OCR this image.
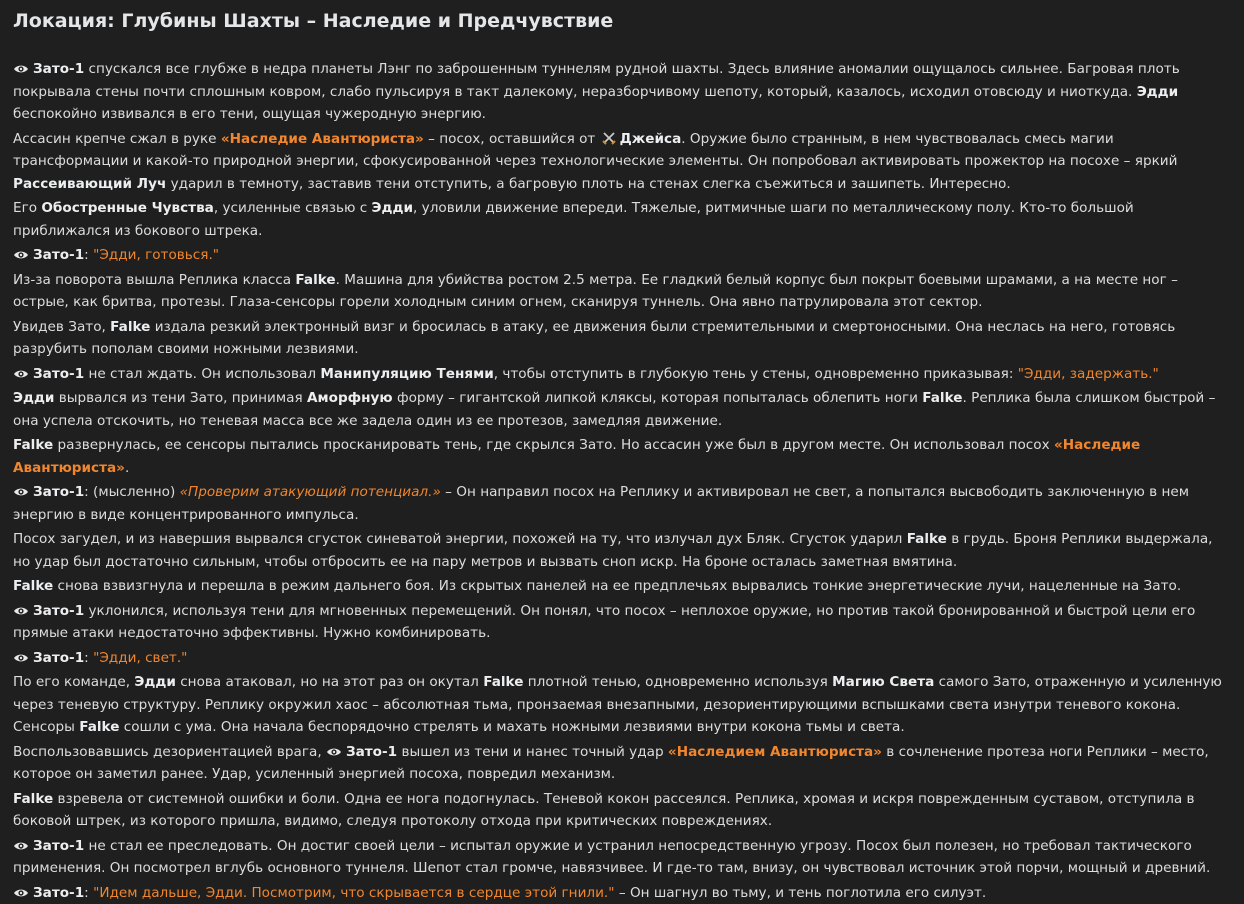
Локация: Глубины Шахты – Наследие и Предчувствие

Зато-1 спускался все глубже в недра планеты Лэнг по заброшенным туннелям рудной шахты. Здесь влияние аномалии ощущалось сильнее. Багровая плоть покрывала стены почти сплошным ковром, слабо пульсируя в такт далекому, неразборчивому шепоту, который, казалось, исходил отовсюду и ниоткуда. Эдди беспокойно извивался в его тени, ощущая чужеродную энергию.

Ассасин крепче сжал в руке «Наследие Авантюриста» – посох, оставшийся от Джейса. Оружие было странным, в нем чувствовалась смесь магии трансформации и какой-то природной энергии, сфокусированной через технологические элементы. Он попробовал активировать прожектор на посохе – яркий Рассеивающий Луч ударил в темноту, заставив тени отступить, а багровую плоть на стенах слегка съежиться и зашипеть. Интересно.

Его Обостренные Чувства, усиленные связью с Эдди, уловили движение впереди. Тяжелые, ритмичные шаги по металлическому полу. Кто-то большой приближался из бокового штрека.

Зато-1: "Эдди, готовься."

Из-за поворота вышла Реплика класса Falke. Машина для убийства ростом 2.5 метра. Ее гладкий белый корпус был покрыт боевыми шрамами, а на месте ног – острые, как бритва, протезы. Глаза-сенсоры горели холодным синим огнем, сканируя туннель. Она явно патрулировала этот сектор.

Увидев Зато, Falke издала резкий электронный визг и бросилась в атаку, ее движения были стремительными и смертоносными. Она неслась на него, готовясь разрубить пополам своими ножными лезвиями.

Зато-1 не стал ждать. Он использовал Манипуляцию Тенями, чтобы отступить в глубокую тень у стены, одновременно приказывая: "Эдди, задержать."

Эдди вырвался из тени Зато, принимая Аморфную форму – гигантской липкой кляксы, которая попыталась облепить ноги Falke. Реплика была слишком быстрой – она успела отскочить, но теневая масса все же задела один из ее протезов, замедляя движение.

Falke развернулась, ее сенсоры пытались просканировать тень, где скрылся Зато. Но ассасин уже был в другом месте. Он использовал посох «Наследие Авантюриста».

Зато-1: (мысленно) «Проверим атакующий потенциал.» – Он направил посох на Реплику и активировал не свет, а попытался высвободить заключенную в нем энергию в виде концентрированного импульса.

Посох загудел, и из навершия вырвался сгусток синеватой энергии, похожей на ту, что излучал дух Бляк. Сгусток ударил Falke в грудь. Броня Реплики выдержала, но удар был достаточно сильным, чтобы отбросить ее на пару метров и вызвать сноп искр. На броне осталась заметная вмятина.

Falke снова взвизгнула и перешла в режим дальнего боя. Из скрытых панелей на ее предплечьях вырвались тонкие энергетические лучи, нацеленные на Зато.

Зато-1 уклонился, используя тени для мгновенных перемещений. Он понял, что посох – неплохое оружие, но против такой бронированной и быстрой цели его прямые атаки недостаточно эффективны. Нужно комбинировать.

Зато-1: "Эдди, свет."

По его команде, Эдди снова атаковал, но на этот раз он окутал Falke плотной тенью, одновременно используя Магию Света самого Зато, отраженную и усиленную через теневую структуру. Реплику окружил хаос – абсолютная тьма, пронзаемая внезапными, дезориентирующими вспышками света изнутри теневого кокона. Сенсоры Falke сошли с ума. Она начала беспорядочно стрелять и махать ножными лезвиями внутри кокона тьмы и света.

Воспользовавшись дезориентацией врага,
Зато-1 вышел из тени и нанес точный удар «Наследием Авантюриста» в сочленение протеза ноги Реплики – место, которое он заметил ранее. Удар, усиленный энергией посоха, повредил механизм.

Falke взревела от системной ошибки и боли. Одна ее нога подогнулась. Теневой кокон рассеялся. Реплика, хромая и искря поврежденным суставом, отступила в боковой штрек, из которого пришла, видимо, следуя протоколу отхода при критических повреждениях.

Зато-1 не стал ее преследовать. Он достиг своей цели – испытал оружие и устранил непосредственную угрозу. Посох был полезен, но требовал тактического применения. Он посмотрел вглубь основного туннеля. Шепот стал громче, навязчивее. И где-то там, внизу, он чувствовал источник этой порчи, мощный и древний.

Зато-1: "Идем дальше, Эдди. Посмотрим, что скрывается в сердце этой гнили." – Он шагнул во тьму, и тень поглотила его силуэт.
